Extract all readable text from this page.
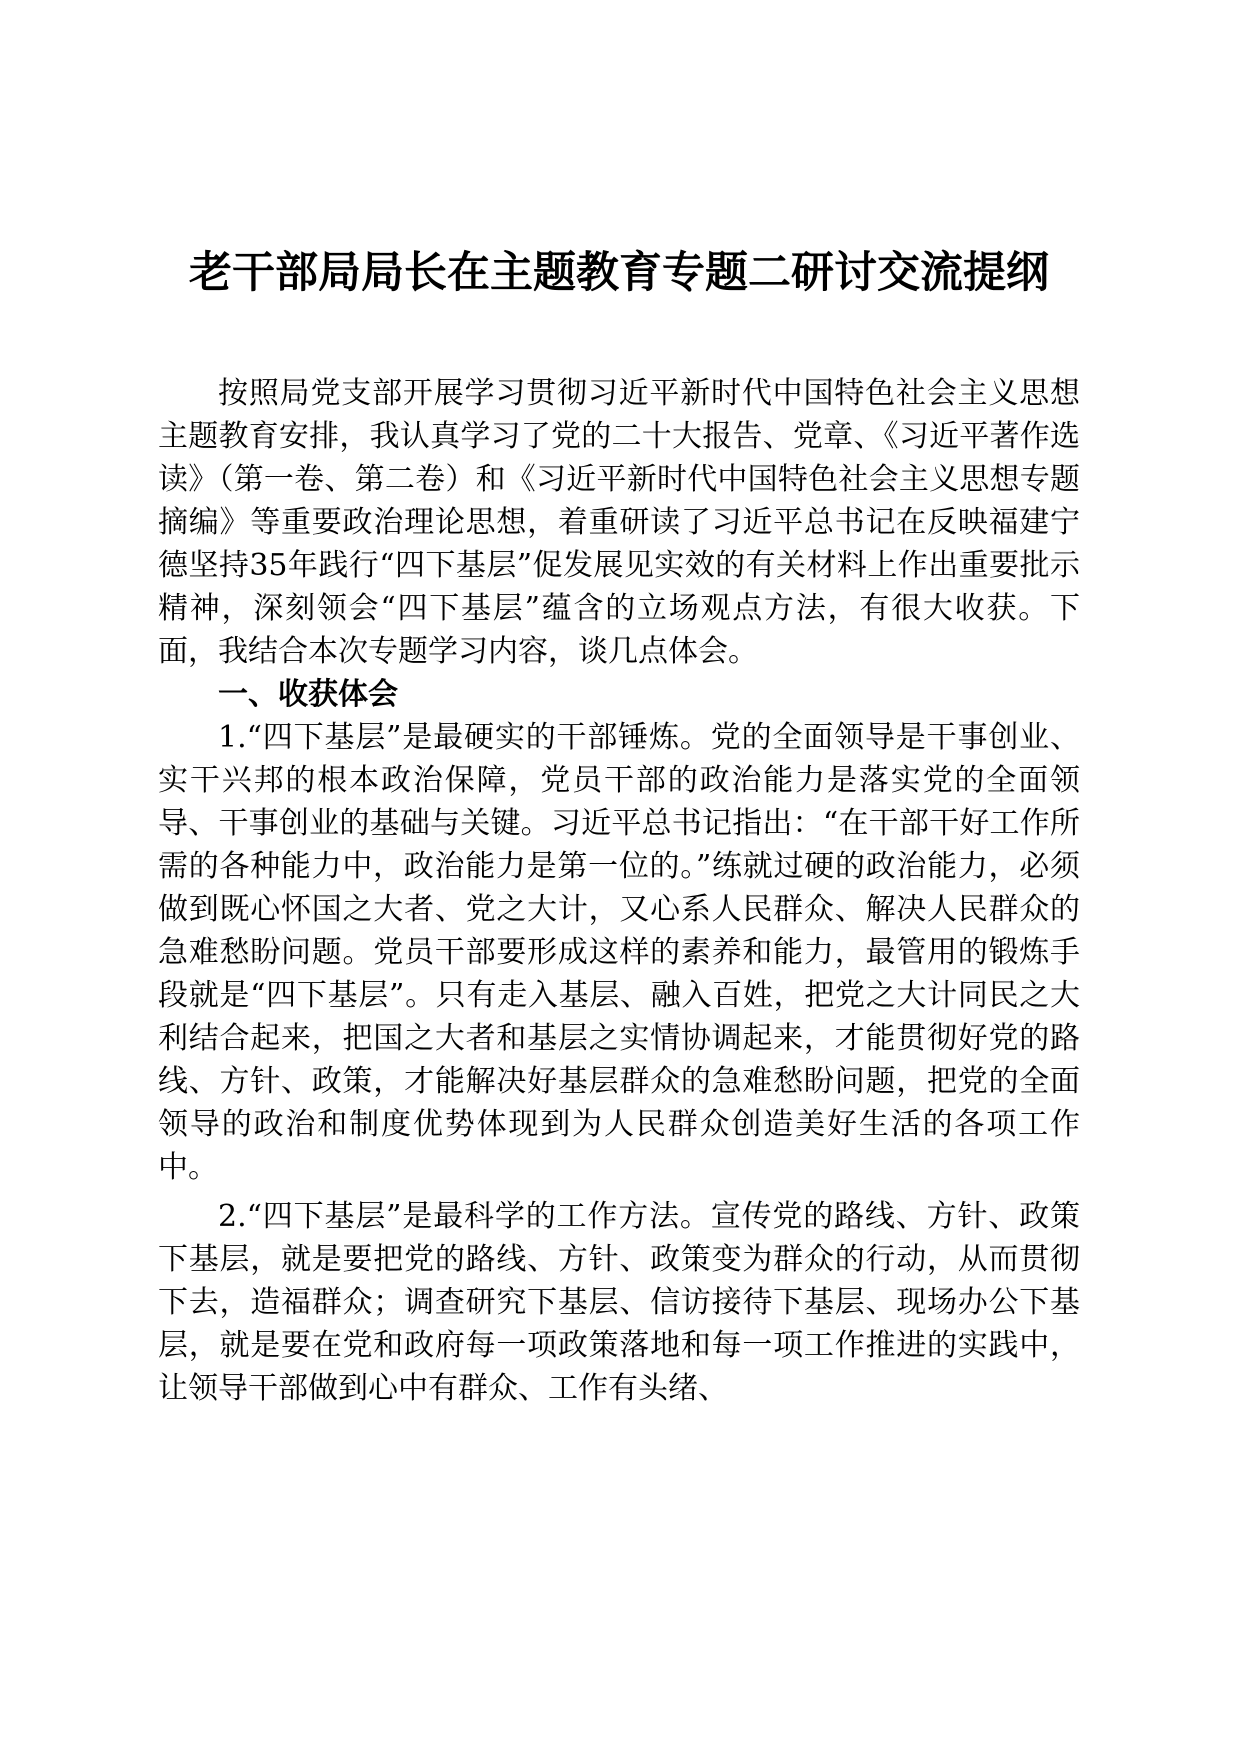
老干部局局长在主题教育专题二研讨交流提纲

按照局党支部开展学习贯彻习近平新时代中国特色社会主义思想主题教育安排，我认真学习了党的二十大报告、党章、《习近平著作选读》（第一卷、第二卷）和《习近平新时代中国特色社会主义思想专题摘编》等重要政治理论思想，着重研读了习近平总书记在反映福建宁德坚持35年践行“四下基层”促发展见实效的有关材料上作出重要批示精神，深刻领会“四下基层”蕴含的立场观点方法，有很大收获。下面，我结合本次专题学习内容，谈几点体会。

一、收获体会

1.“四下基层”是最硬实的干部锤炼。党的全面领导是干事创业、实干兴邦的根本政治保障，党员干部的政治能力是落实党的全面领导、干事创业的基础与关键。习近平总书记指出：“在干部干好工作所需的各种能力中，政治能力是第一位的。”练就过硬的政治能力，必须做到既心怀国之大者、党之大计，又心系人民群众、解决人民群众的急难愁盼问题。党员干部要形成这样的素养和能力，最管用的锻炼手段就是“四下基层”。只有走入基层、融入百姓，把党之大计同民之大利结合起来，把国之大者和基层之实情协调起来，才能贯彻好党的路线、方针、政策，才能解决好基层群众的急难愁盼问题，把党的全面领导的政治和制度优势体现到为人民群众创造美好生活的各项工作中。

2.“四下基层”是最科学的工作方法。宣传党的路线、方针、政策下基层，就是要把党的路线、方针、政策变为群众的行动，从而贯彻下去，造福群众；调查研究下基层、信访接待下基层、现场办公下基层，就是要在党和政府每一项政策落地和每一项工作推进的实践中，让领导干部做到心中有群众、工作有头绪、
